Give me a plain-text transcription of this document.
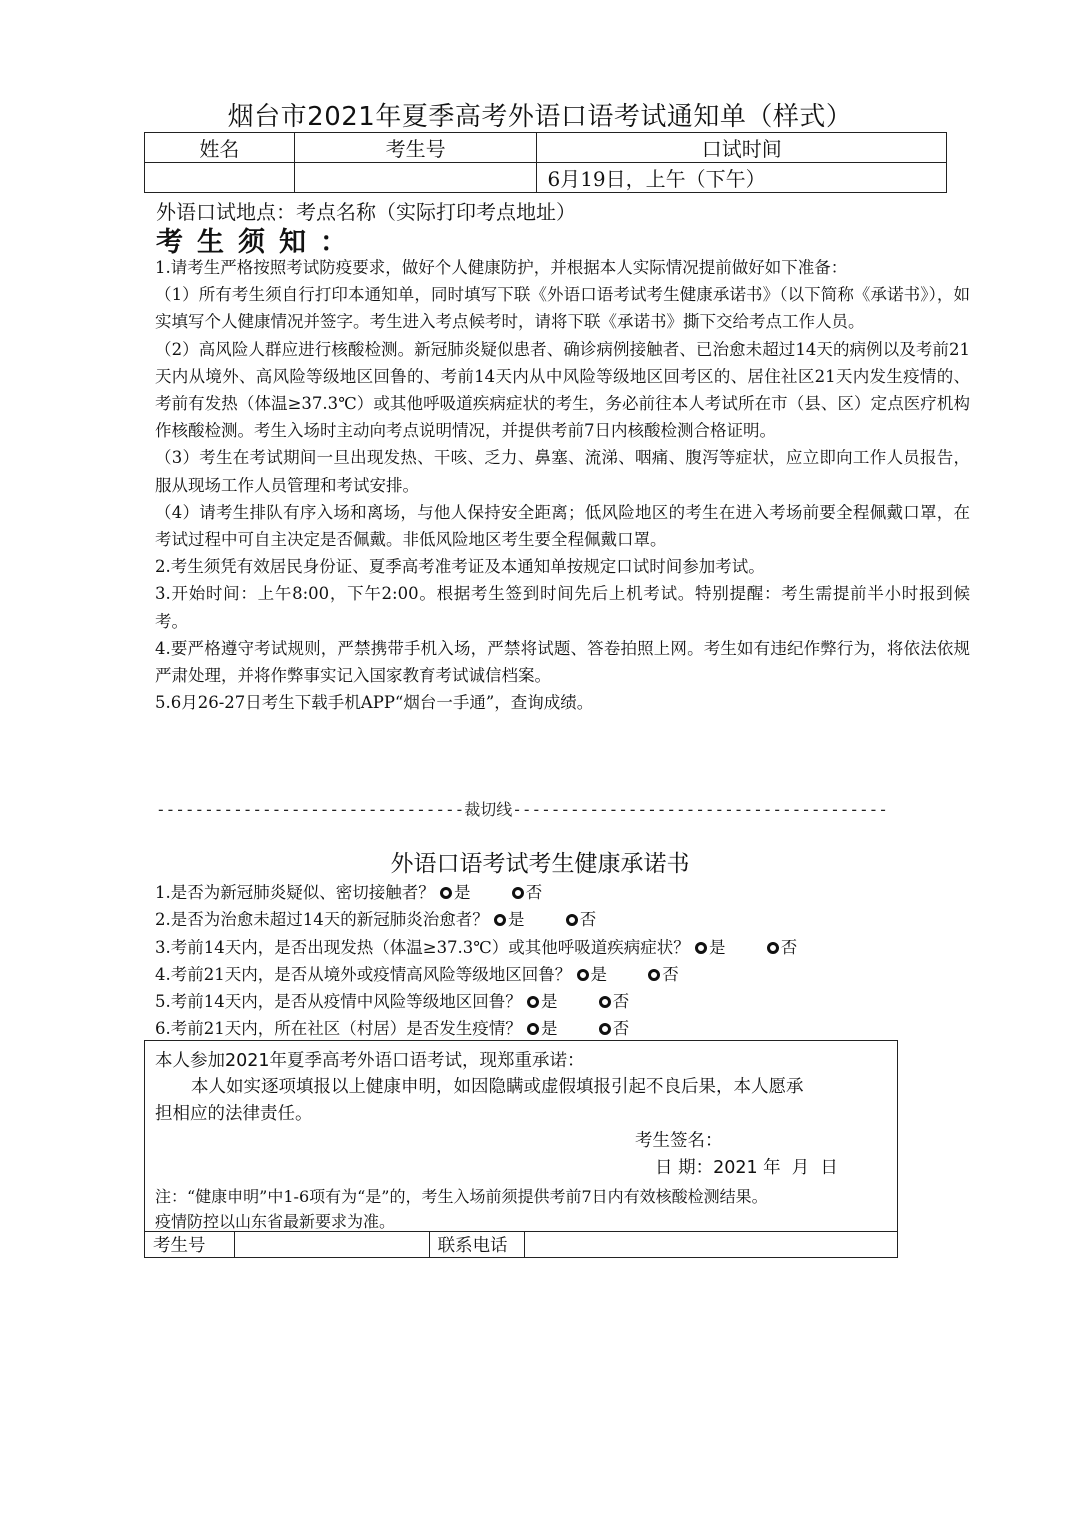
烟台市2021年夏季高考外语口语考试通知单（样式）
姓名	考生号	口试时间
		6月19日，上午（下午）
外语口试地点：考点名称（实际打印考点地址）
考生须知：

1.请考生严格按照考试防疫要求，做好个人健康防护，并根据本人实际情况提前做好如下准备：

（1）所有考生须自行打印本通知单，同时填写下联《外语口语考试考生健康承诺书》（以下简称《承诺书》），如实填写个人健康情况并签字。考生进入考点候考时，请将下联《承诺书》撕下交给考点工作人员。

（2）高风险人群应进行核酸检测。新冠肺炎疑似患者、确诊病例接触者、已治愈未超过14天的病例以及考前21天内从境外、高风险等级地区回鲁的、考前14天内从中风险等级地区回考区的、居住社区21天内发生疫情的、考前有发热（体温≥37.3℃）或其他呼吸道疾病症状的考生，务必前往本人考试所在市（县、区）定点医疗机构作核酸检测。考生入场时主动向考点说明情况，并提供考前7日内核酸检测合格证明。

（3）考生在考试期间一旦出现发热、干咳、乏力、鼻塞、流涕、咽痛、腹泻等症状，应立即向工作人员报告，服从现场工作人员管理和考试安排。

（4）请考生排队有序入场和离场，与他人保持安全距离；低风险地区的考生在进入考场前要全程佩戴口罩，在考试过程中可自主决定是否佩戴。非低风险地区考生要全程佩戴口罩。

2.考生须凭有效居民身份证、夏季高考准考证及本通知单按规定口试时间参加考试。

3.开始时间：上午8:00，下午2:00。根据考生签到时间先后上机考试。特别提醒：考生需提前半小时报到候考。

4.要严格遵守考试规则，严禁携带手机入场，严禁将试题、答卷拍照上网。考生如有违纪作弊行为，将依法依规严肃处理，并将作弊事实记入国家教育考试诚信档案。

5.6月26-27日考生下载手机APP“烟台一手通”，查询成绩。

--------------------------------裁切线---------------------------------------
外语口语考试考生健康承诺书
1.是否为新冠肺炎疑似、密切接触者？ 是	否
2.是否为治愈未超过14天的新冠肺炎治愈者？ 是	否
3.考前14天内，是否出现发热（体温≥37.3℃）或其他呼吸道疾病症状？ 是	否
4.考前21天内，是否从境外或疫情高风险等级地区回鲁？ 是	否
5.考前14天内，是否从疫情中风险等级地区回鲁？ 是	否
6.考前21天内，所在社区（村居）是否发生疫情？ 是	否
本人参加2021年夏季高考外语口语考试，现郑重承诺：
本人如实逐项填报以上健康申明，如因隐瞒或虚假填报引起不良后果，本人愿承
担相应的法律责任。
考生签名：
日 期：2021 年  月  日
注：“健康申明”中1-6项有为“是”的，考生入场前须提供考前7日内有效核酸检测结果。
疫情防控以山东省最新要求为准。
考生号		联系电话	
